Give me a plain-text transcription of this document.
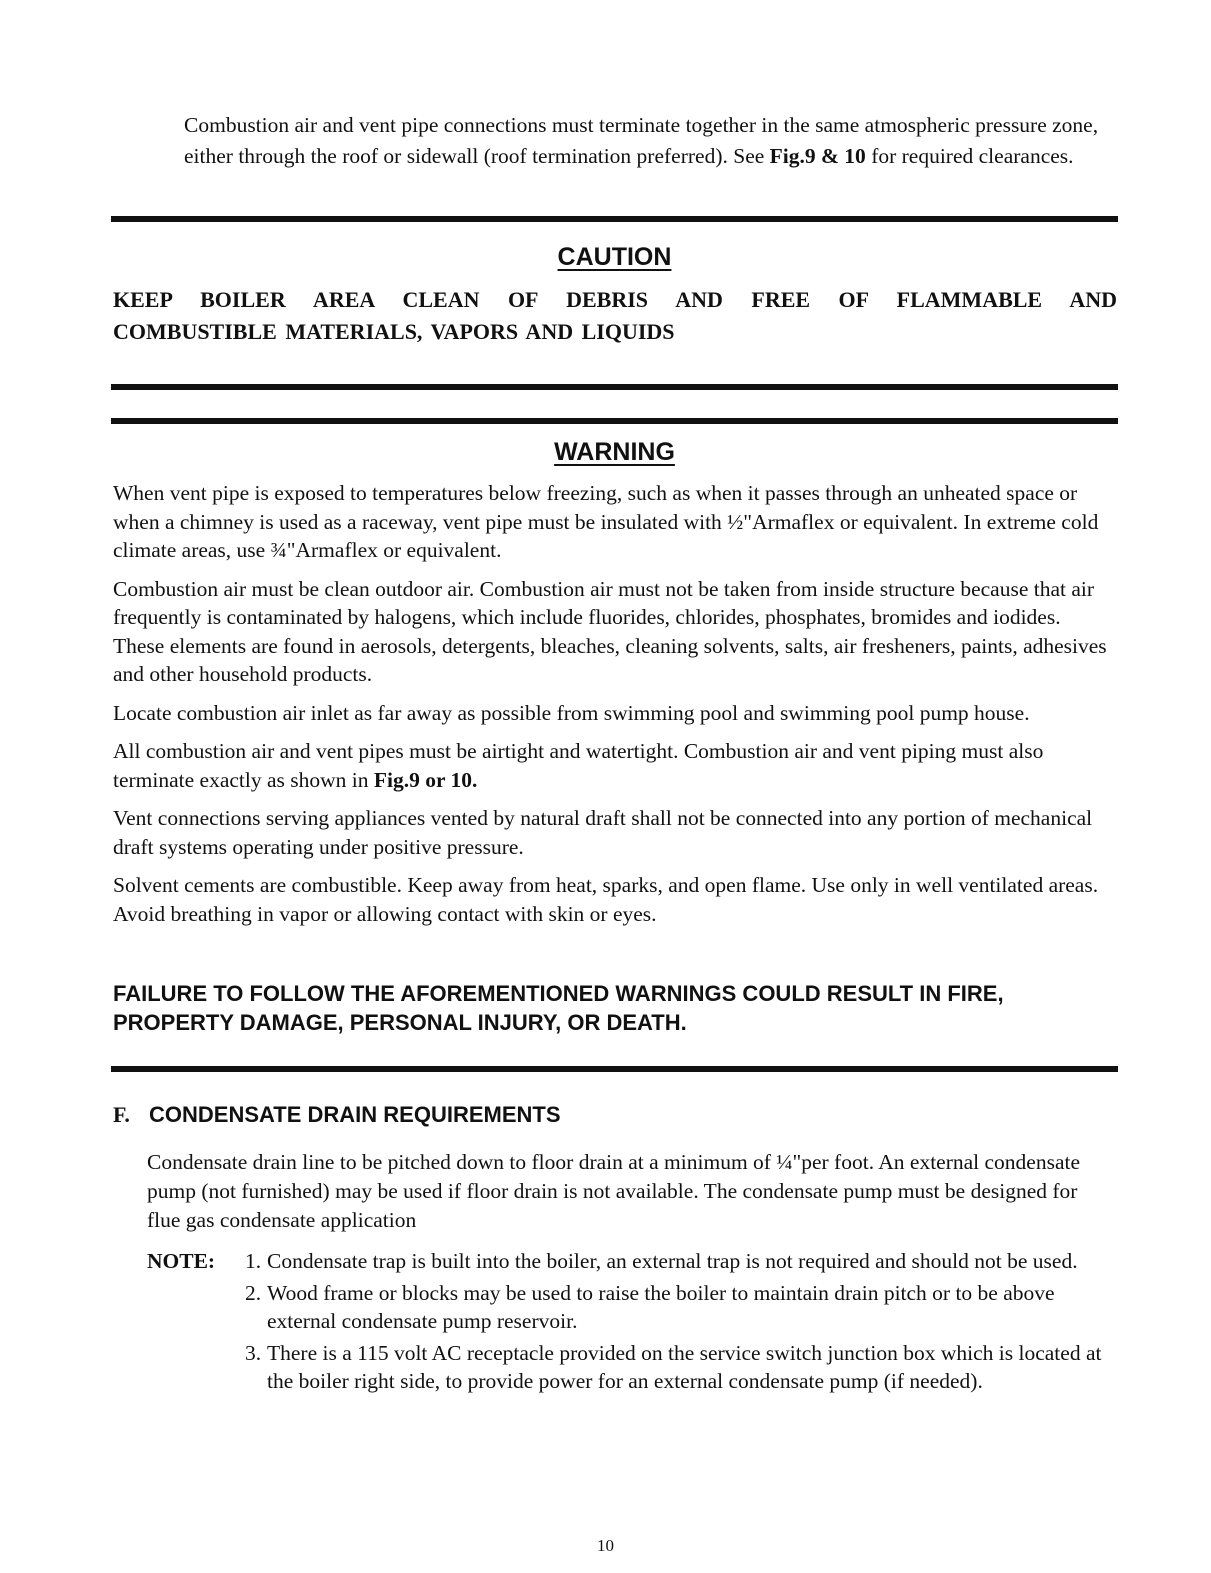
Combustion air and vent pipe connections must terminate together in the same atmospheric pressure zone, either through the roof or sidewall (roof termination preferred). See Fig.9 & 10 for required clearances.
CAUTION
KEEP BOILER AREA CLEAN OF DEBRIS AND FREE OF FLAMMABLE AND
COMBUSTIBLE MATERIALS, VAPORS AND LIQUIDS
WARNING

When vent pipe is exposed to temperatures below freezing, such as when it passes through an unheated space or when a chimney is used as a raceway, vent pipe must be insulated with ½"Armaflex or equivalent. In extreme cold climate areas, use ¾"Armaflex or equivalent.

Combustion air must be clean outdoor air. Combustion air must not be taken from inside structure because that air frequently is contaminated by halogens, which include fluorides, chlorides, phosphates, bromides and iodides. These elements are found in aerosols, detergents, bleaches, cleaning solvents, salts, air fresheners, paints, adhesives and other household products.

Locate combustion air inlet as far away as possible from swimming pool and swimming pool pump house.

All combustion air and vent pipes must be airtight and watertight. Combustion air and vent piping must also terminate exactly as shown in Fig.9 or 10.

Vent connections serving appliances vented by natural draft shall not be connected into any portion of mechanical draft systems operating under positive pressure.

Solvent cements are combustible. Keep away from heat, sparks, and open flame. Use only in well ventilated areas. Avoid breathing in vapor or allowing contact with skin or eyes.

FAILURE TO FOLLOW THE AFOREMENTIONED WARNINGS COULD RESULT IN FIRE, PROPERTY DAMAGE, PERSONAL INJURY, OR DEATH.
F. CONDENSATE DRAIN REQUIREMENTS
Condensate drain line to be pitched down to floor drain at a minimum of ¼"per foot. An external condensate pump (not furnished) may be used if floor drain is not available. The condensate pump must be designed for flue gas condensate application
NOTE: 1. Condensate trap is built into the boiler, an external trap is not required and should not be used.
2. Wood frame or blocks may be used to raise the boiler to maintain drain pitch or to be above external condensate pump reservoir.
3. There is a 115 volt AC receptacle provided on the service switch junction box which is located at the boiler right side, to provide power for an external condensate pump (if needed).
10
